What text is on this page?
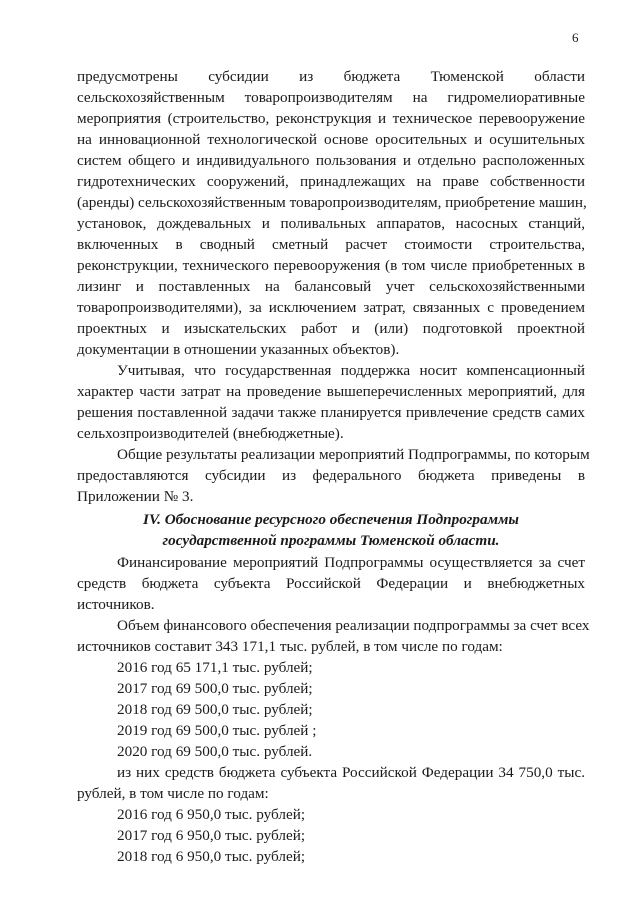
6
предусмотрены субсидии из бюджета Тюменской области
сельскохозяйственным товаропроизводителям на гидромелиоративные
мероприятия (строительство, реконструкция и техническое перевооружение
на инновационной технологической основе оросительных и осушительных
систем общего и индивидуального пользования и отдельно расположенных
гидротехнических сооружений, принадлежащих на праве собственности
(аренды) сельскохозяйственным товаропроизводителям, приобретение машин,
установок, дождевальных и поливальных аппаратов, насосных станций,
включенных в сводный сметный расчет стоимости строительства,
реконструкции, технического перевооружения (в том числе приобретенных в
лизинг и поставленных на балансовый учет сельскохозяйственными
товаропроизводителями), за исключением затрат, связанных с проведением
проектных и изыскательских работ и (или) подготовкой проектной
документации в отношении указанных объектов).
Учитывая, что государственная поддержка носит компенсационный
характер части затрат на проведение вышеперечисленных мероприятий, для
решения поставленной задачи также планируется привлечение средств самих
сельхозпроизводителей (внебюджетные).
Общие результаты реализации мероприятий Подпрограммы, по которым
предоставляются субсидии из федерального бюджета приведены в
Приложении № 3.
IV. Обоснование ресурсного обеспечения Подпрограммы
государственной программы Тюменской области.
Финансирование мероприятий Подпрограммы осуществляется за счет
средств бюджета субъекта Российской Федерации и внебюджетных
источников.
Объем финансового обеспечения реализации подпрограммы за счет всех
источников составит 343 171,1 тыс. рублей, в том числе по годам:
2016 год 65 171,1 тыс. рублей;
2017 год 69 500,0 тыс. рублей;
2018 год 69 500,0 тыс. рублей;
2019 год 69 500,0 тыс. рублей ;
2020 год 69 500,0 тыс. рублей.
из них средств бюджета субъекта Российской Федерации 34 750,0 тыс.
рублей, в том числе по годам:
2016 год 6 950,0 тыс. рублей;
2017 год 6 950,0 тыс. рублей;
2018 год 6 950,0 тыс. рублей;
